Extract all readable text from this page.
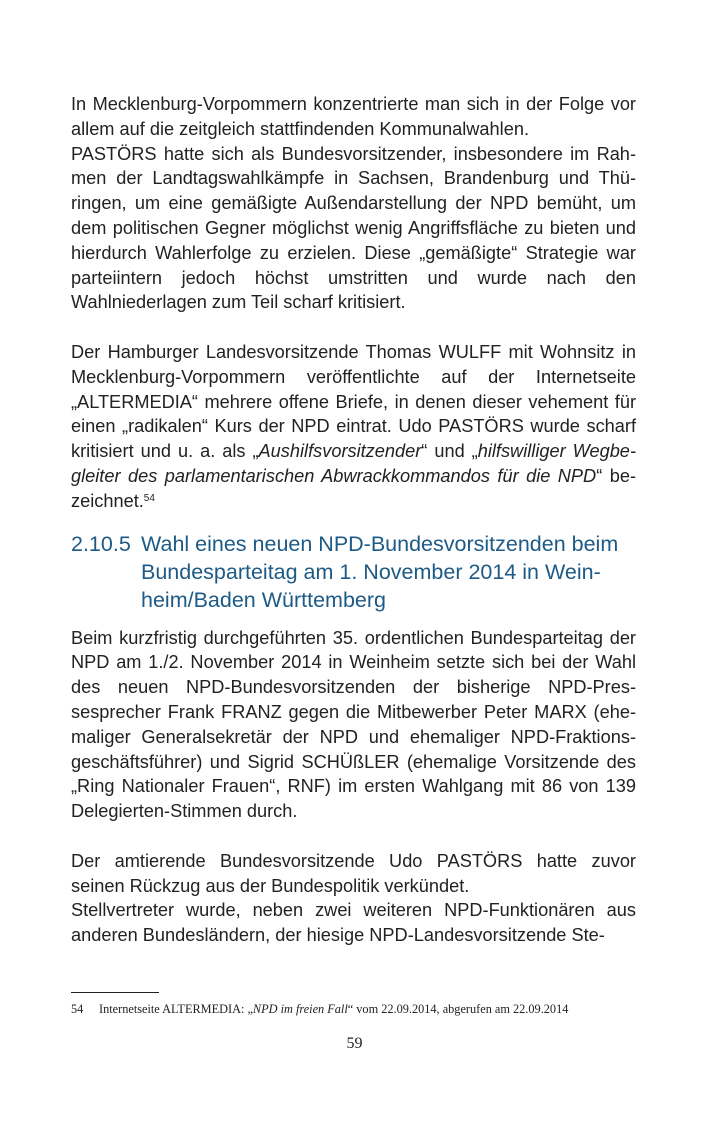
In Mecklenburg-Vorpommern konzentrierte man sich in der Folge vor allem auf die zeitgleich stattfindenden Kommunalwahlen.

PASTÖRS hatte sich als Bundesvorsitzender, insbesondere im Rahmen der Landtagswahlkämpfe in Sachsen, Brandenburg und Thüringen, um eine gemäßigte Außendarstellung der NPD bemüht, um dem politischen Gegner möglichst wenig Angriffsfläche zu bieten und hierdurch Wahlerfolge zu erzielen. Diese „gemäßigte“ Strategie war parteiintern jedoch höchst umstritten und wurde nach den Wahlniederlagen zum Teil scharf kritisiert.

Der Hamburger Landesvorsitzende Thomas WULFF mit Wohnsitz in Mecklenburg-Vorpommern veröffentlichte auf der Internetseite „ALTERMEDIA“ mehrere offene Briefe, in denen dieser vehement für einen „radikalen“ Kurs der NPD eintrat. Udo PASTÖRS wurde scharf kritisiert und u. a. als „Aushilfsvorsitzender“ und „hilfswilliger Wegbegleiter des parlamentarischen Abwrackkommandos für die NPD“ bezeichnet.$^{54}$

2.10.5 Wahl eines neuen NPD-Bundesvorsitzenden beim Bundesparteitag am 1. November 2014 in Weinheim/Baden Württemberg

Beim kurzfristig durchgeführten 35. ordentlichen Bundesparteitag der NPD am 1./2. November 2014 in Weinheim setzte sich bei der Wahl des neuen NPD-Bundesvorsitzenden der bisherige NPD-Pressesprecher Frank FRANZ gegen die Mitbewerber Peter MARX (ehemaliger Generalsekretär der NPD und ehemaliger NPD-Fraktionsgeschäftsführer) und Sigrid SCHÜßLER (ehemalige Vorsitzende des „Ring Nationaler Frauen“, RNF) im ersten Wahlgang mit 86 von 139 Delegierten-Stimmen durch.

Der amtierende Bundesvorsitzende Udo PASTÖRS hatte zuvor seinen Rückzug aus der Bundespolitik verkündet.

Stellvertreter wurde, neben zwei weiteren NPD-Funktionären aus anderen Bundesländern, der hiesige NPD-Landesvorsitzende Ste-

54 Internetseite ALTERMEDIA: „NPD im freien Fall“ vom 22.09.2014, abgerufen am 22.09.2014
59
